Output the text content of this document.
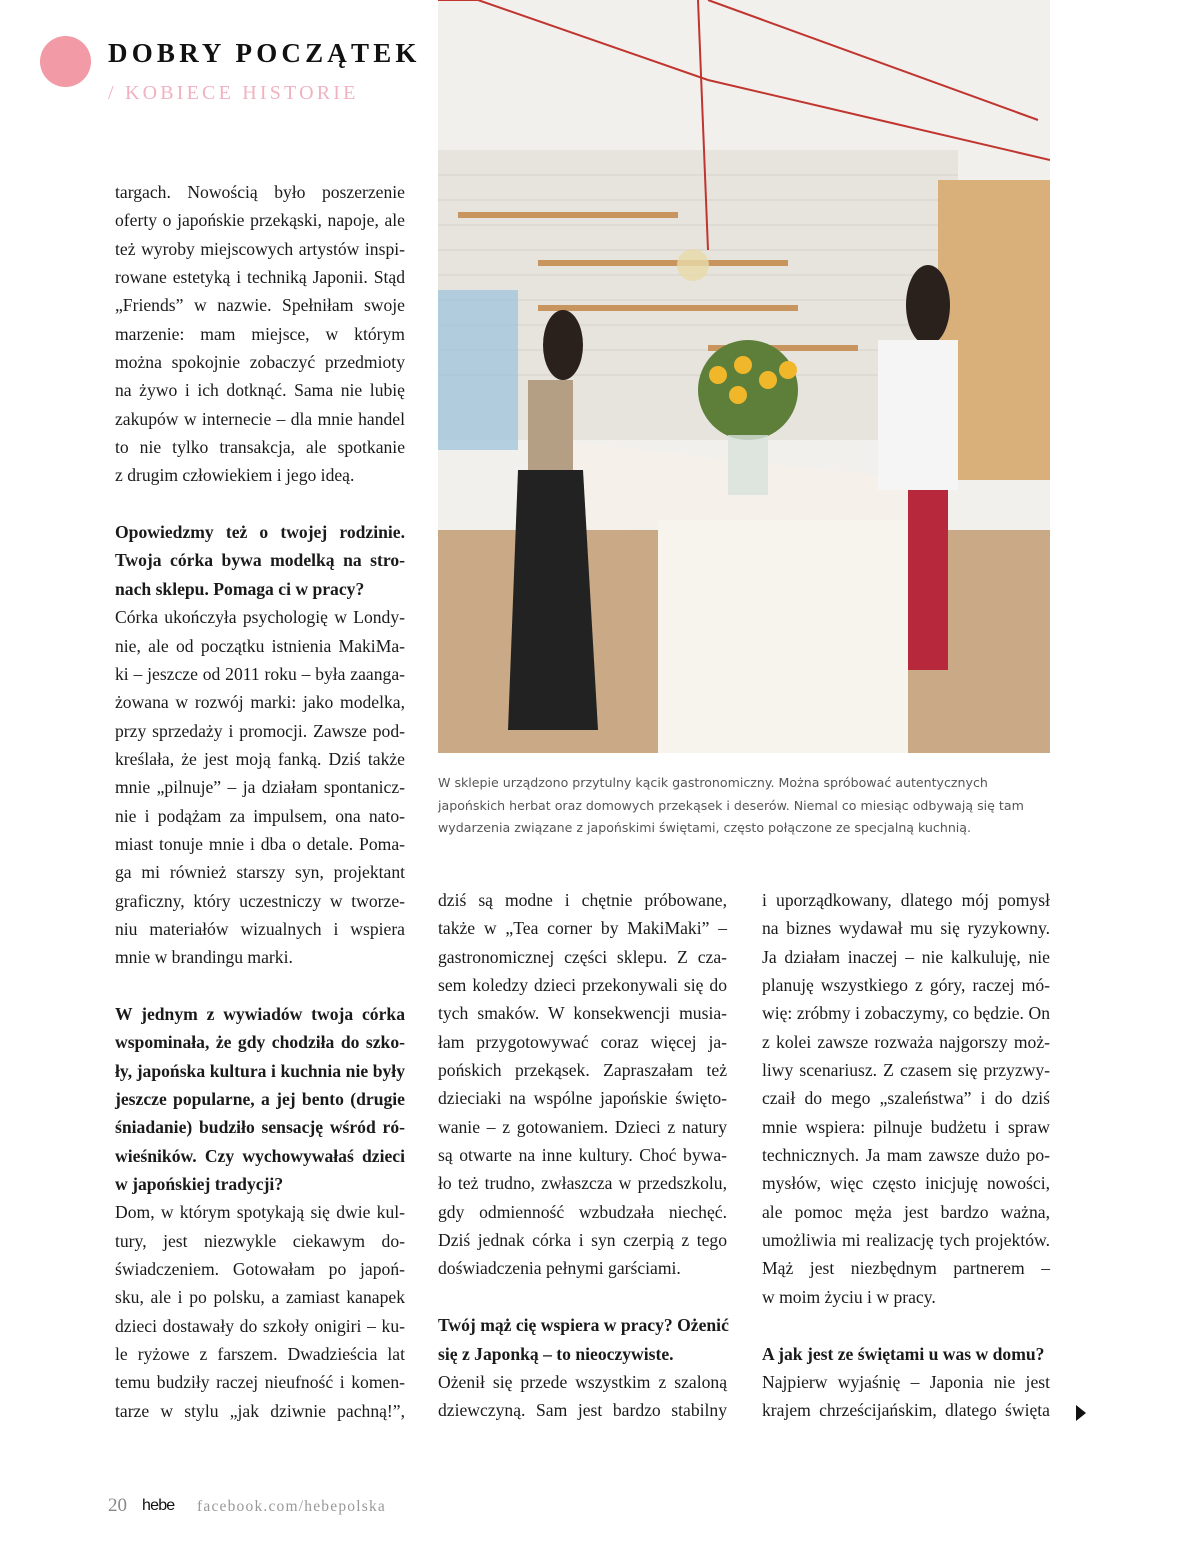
DOBRY POCZĄTEK
/ KOBIECE HISTORIE
W sklepie urządzono przytulny kącik gastronomiczny. Można spróbować autentycznych
japońskich herbat oraz domowych przekąsek i deserów. Niemal co miesiąc odbywają się tam
wydarzenia związane z japońskimi świętami, często połączone ze specjalną kuchnią.
targach. Nowością było poszerzenie
oferty o japońskie przekąski, napoje, ale
też wyroby miejscowych artystów inspi-
rowane estetyką i techniką Japonii. Stąd
„Friends” w nazwie. Spełniłam swoje
marzenie: mam miejsce, w którym
można spokojnie zobaczyć przedmioty
na żywo i ich dotknąć. Sama nie lubię
zakupów w internecie – dla mnie handel
to nie tylko transakcja, ale spotkanie
z drugim człowiekiem i jego ideą.
Opowiedzmy też o twojej rodzinie.
Twoja córka bywa modelką na stro-
nach sklepu. Pomaga ci w pracy?
Córka ukończyła psychologię w Londy-
nie, ale od początku istnienia MakiMa-
ki – jeszcze od 2011 roku – była zaanga-
żowana w rozwój marki: jako modelka,
przy sprzedaży i promocji. Zawsze pod-
kreślała, że jest moją fanką. Dziś także
mnie „pilnuje” – ja działam spontanicz-
nie i podążam za impulsem, ona nato-
miast tonuje mnie i dba o detale. Poma-
ga mi również starszy syn, projektant
graficzny, który uczestniczy w tworze-
niu materiałów wizualnych i wspiera
mnie w brandingu marki.
W jednym z wywiadów twoja córka
wspominała, że gdy chodziła do szko-
ły, japońska kultura i kuchnia nie były
jeszcze popularne, a jej bento (drugie
śniadanie) budziło sensację wśród ró-
wieśników. Czy wychowywałaś dzieci
w japońskiej tradycji?
Dom, w którym spotykają się dwie kul-
tury, jest niezwykle ciekawym do-
świadczeniem. Gotowałam po japoń-
sku, ale i po polsku, a zamiast kanapek
dzieci dostawały do szkoły onigiri – ku-
le ryżowe z farszem. Dwadzieścia lat
temu budziły raczej nieufność i komen-
tarze w stylu „jak dziwnie pachną!”,
dziś są modne i chętnie próbowane,
także w „Tea corner by MakiMaki” –
gastronomicznej części sklepu. Z cza-
sem koledzy dzieci przekonywali się do
tych smaków. W konsekwencji musia-
łam przygotowywać coraz więcej ja-
pońskich przekąsek. Zapraszałam też
dzieciaki na wspólne japońskie święto-
wanie – z gotowaniem. Dzieci z natury
są otwarte na inne kultury. Choć bywa-
ło też trudno, zwłaszcza w przedszkolu,
gdy odmienność wzbudzała niechęć.
Dziś jednak córka i syn czerpią z tego
doświadczenia pełnymi garściami.
Twój mąż cię wspiera w pracy? Ożenić
się z Japonką – to nieoczywiste.
Ożenił się przede wszystkim z szaloną
dziewczyną. Sam jest bardzo stabilny
i uporządkowany, dlatego mój pomysł
na biznes wydawał mu się ryzykowny.
Ja działam inaczej – nie kalkuluję, nie
planuję wszystkiego z góry, raczej mó-
wię: zróbmy i zobaczymy, co będzie. On
z kolei zawsze rozważa najgorszy moż-
liwy scenariusz. Z czasem się przyzwy-
czaił do mego „szaleństwa” i do dziś
mnie wspiera: pilnuje budżetu i spraw
technicznych. Ja mam zawsze dużo po-
mysłów, więc często inicjuję nowości,
ale pomoc męża jest bardzo ważna,
umożliwia mi realizację tych projektów.
Mąż jest niezbędnym partnerem –
w moim życiu i w pracy.
A jak jest ze świętami u was w domu?
Najpierw wyjaśnię – Japonia nie jest
krajem chrześcijańskim, dlatego święta
20 hebe facebook.com/hebepolska
